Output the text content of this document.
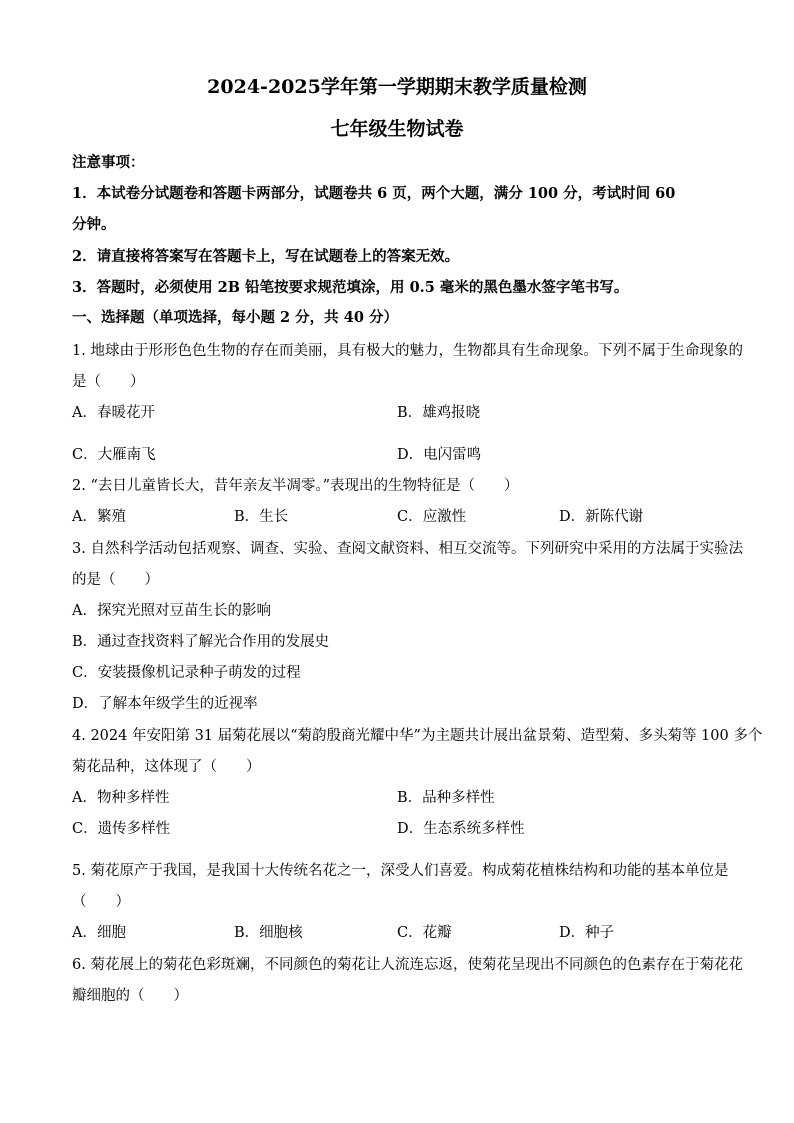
2024-2025学年第一学期期末教学质量检测
七年级生物试卷
注意事项：
1．本试卷分试题卷和答题卡两部分，试题卷共 6 页，两个大题，满分 100 分，考试时间 60
分钟。
2．请直接将答案写在答题卡上，写在试题卷上的答案无效。
3．答题时，必须使用 2B 铅笔按要求规范填涂，用 0.5 毫米的黑色墨水签字笔书写。
一、选择题（单项选择，每小题 2 分，共 40 分）
1. 地球由于形形色色生物的存在而美丽，具有极大的魅力，生物都具有生命现象。下列不属于生命现象的
是（　　）
A．春暖花开	B．雄鸡报晓
C．大雁南飞	D．电闪雷鸣
2. “去日儿童皆长大，昔年亲友半凋零。”表现出的生物特征是（　　）
A．繁殖	B．生长	C．应激性	D．新陈代谢
3. 自然科学活动包括观察、调查、实验、查阅文献资料、相互交流等。下列研究中采用的方法属于实验法
的是（　　）
A．探究光照对豆苗生长的影响
B．通过查找资料了解光合作用的发展史
C．安装摄像机记录种子萌发的过程
D．了解本年级学生的近视率
4. 2024 年安阳第 31 届菊花展以“菊韵殷商光耀中华”为主题共计展出盆景菊、造型菊、多头菊等 100 多个
菊花品种，这体现了（　　）
A．物种多样性	B．品种多样性
C．遗传多样性	D．生态系统多样性
5. 菊花原产于我国，是我国十大传统名花之一，深受人们喜爱。构成菊花植株结构和功能的基本单位是
（　　）
A．细胞	B．细胞核	C．花瓣	D．种子
6. 菊花展上的菊花色彩斑斓，不同颜色的菊花让人流连忘返，使菊花呈现出不同颜色的色素存在于菊花花
瓣细胞的（　　）
